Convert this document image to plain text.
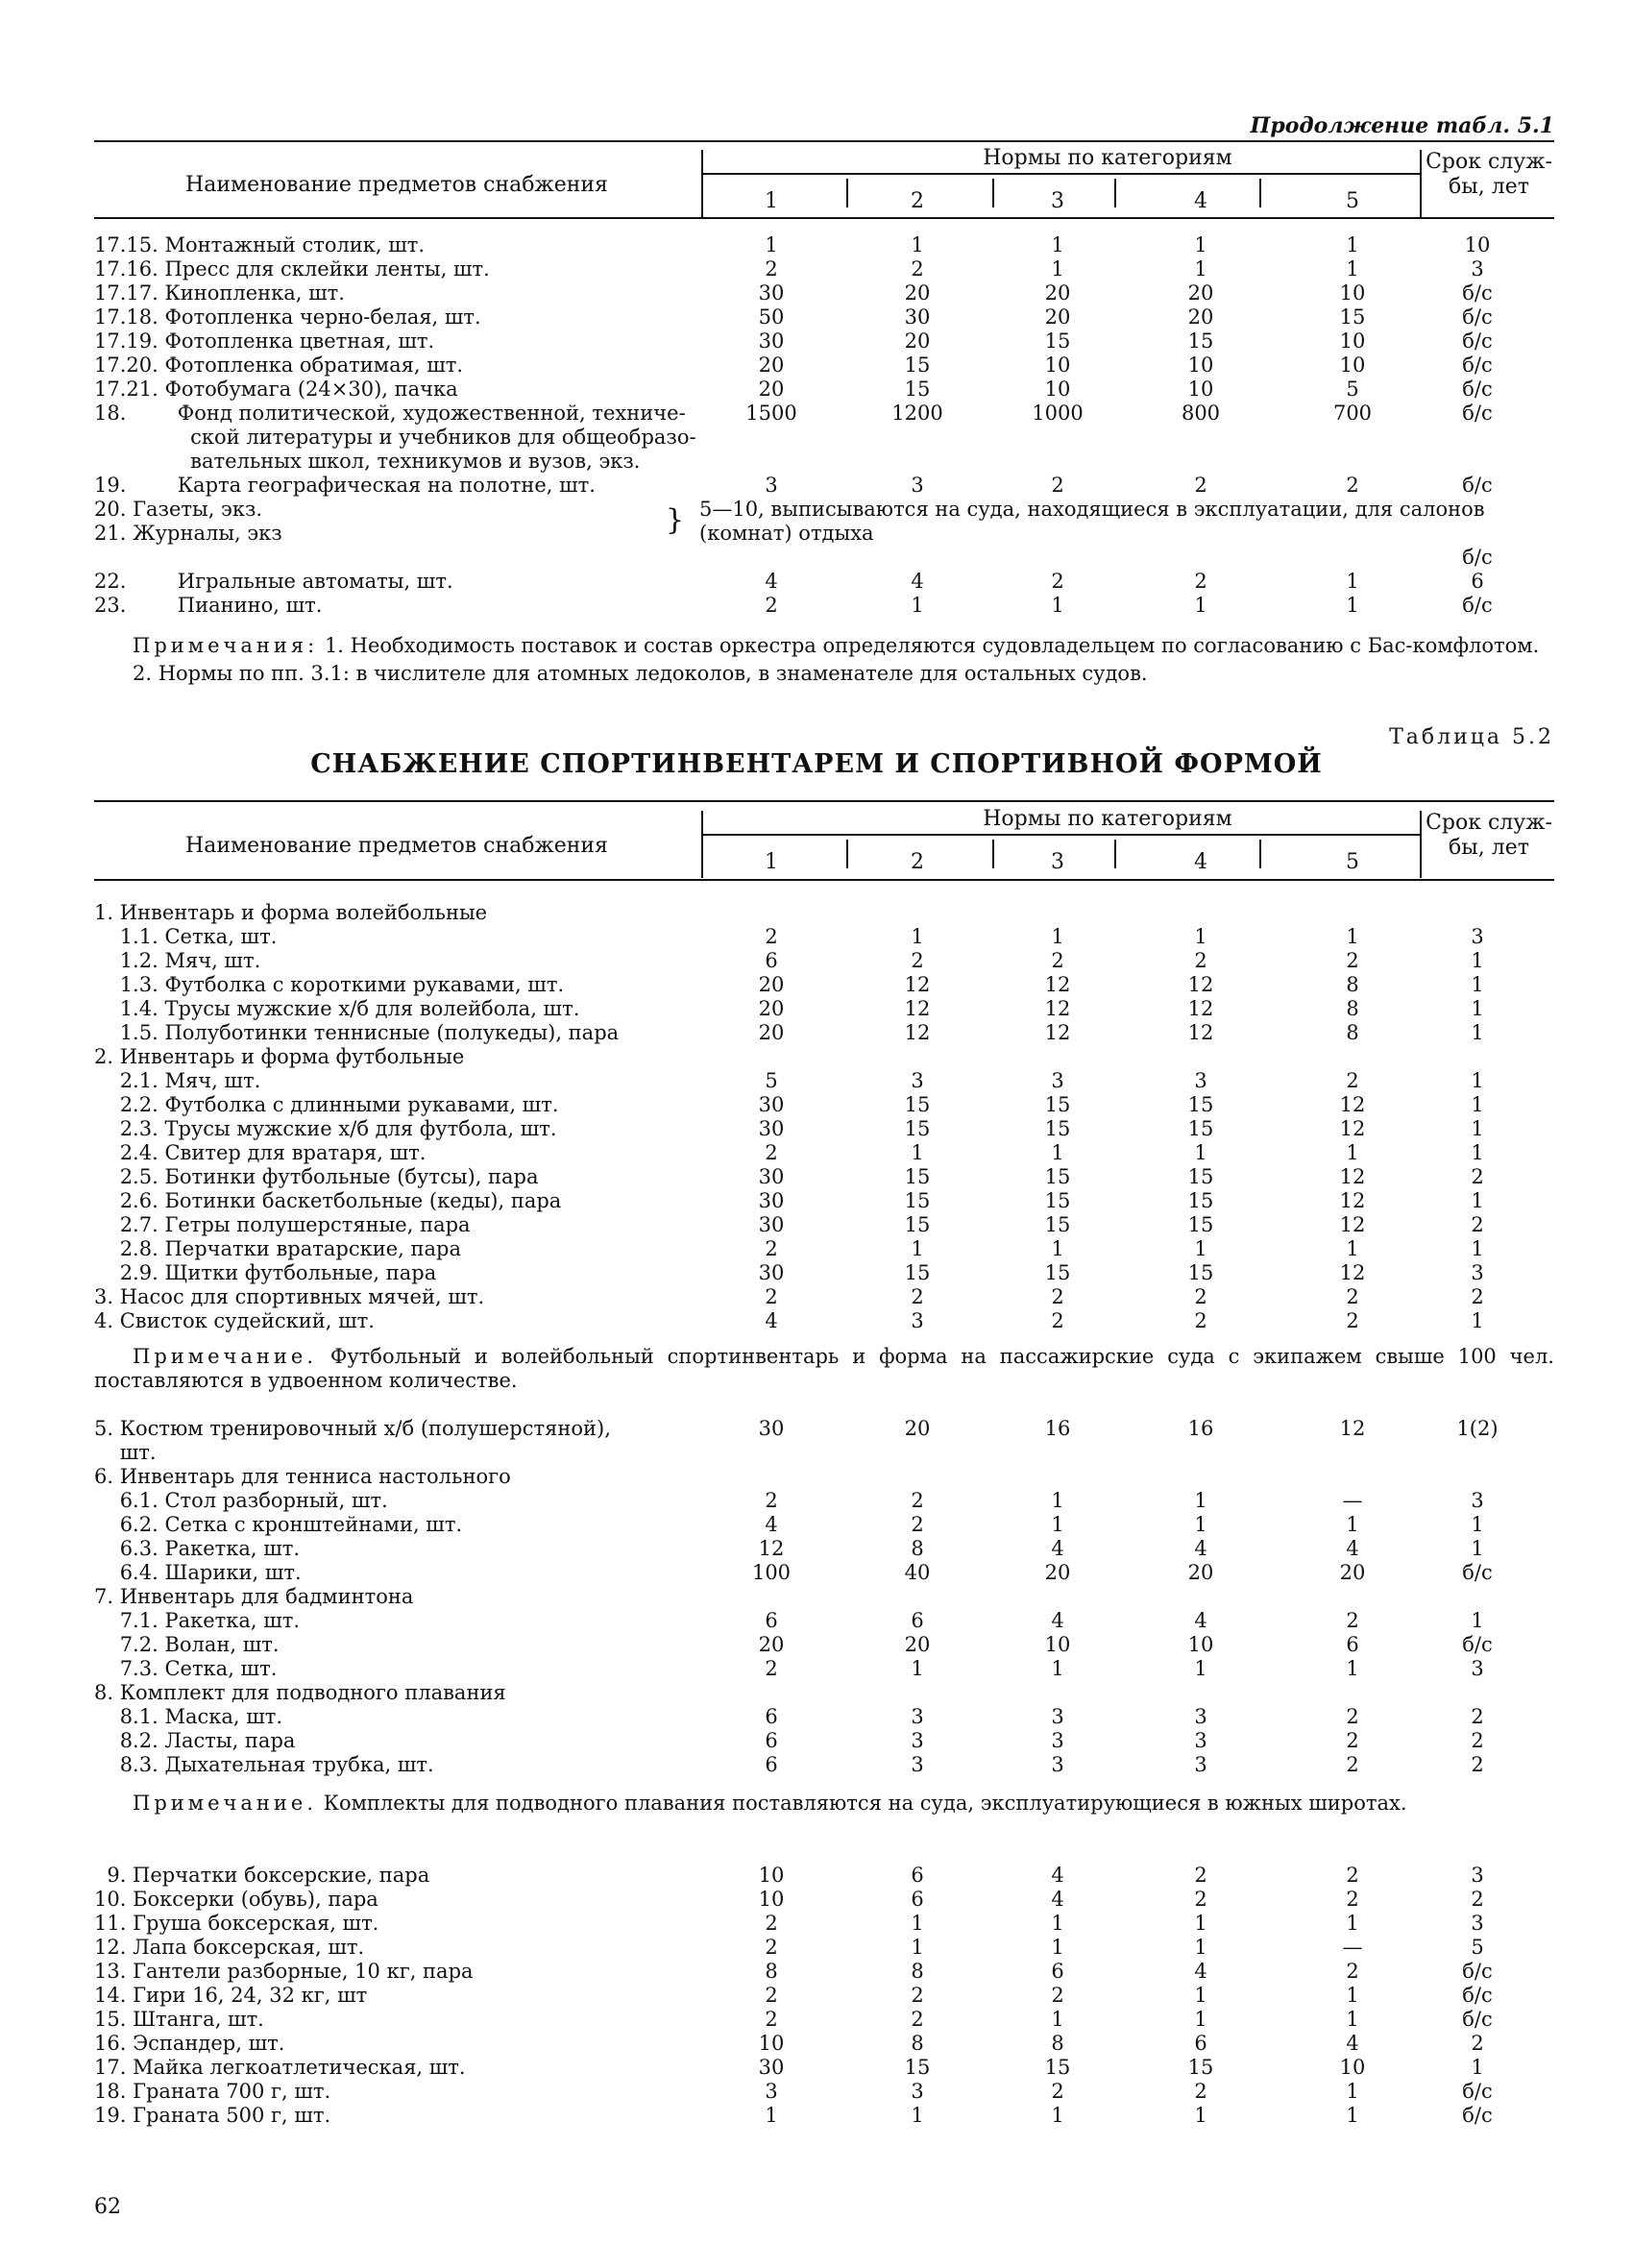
Продолжение табл. 5.1
Наименование предметов снабжения
Нормы по категориям	Срок служ-
бы, лет
1	2	3	4	5
17.15. Монтажный столик, шт.	1	1	1	1	1	10
17.16. Пресс для склейки ленты, шт.	2	2	1	1	1	3
17.17. Кинопленка, шт.	30	20	20	20	10	б/с
17.18. Фотопленка черно-белая, шт.	50	30	20	20	15	б/с
17.19. Фотопленка цветная, шт.	30	20	15	15	10	б/с
17.20. Фотопленка обратимая, шт.	20	15	10	10	10	б/с
17.21. Фотобумага (24×30), пачка	20	15	10	10	5	б/с
18.        Фонд политической, художественной, техниче-	1500	1200	1000	800	700	б/с
ской литературы и учебников для общеобразо-
вательных школ, техникумов и вузов, экз.
19.        Карта географическая на полотне, шт.	3	3	2	2	2	б/с
20. Газеты, экз.
21. Журналы, экз	} 5—10, выписываются на суда, находящиеся в эксплуатации, для салонов
(комнат) отдыха
б/с
22.        Игральные автоматы, шт.	4	4	2	2	1	6
23.        Пианино, шт.	2	1	1	1	1	б/с
Примечания: 1. Необходимость поставок и состав оркестра определяются судовладельцем по согласованию с Бас-комфлотом.
2. Нормы по пп. 3.1: в числителе для атомных ледоколов, в знаменателе для остальных судов.
Таблица 5.2
СНАБЖЕНИЕ СПОРТИНВЕНТАРЕМ И СПОРТИВНОЙ ФОРМОЙ
Наименование предметов снабжения
Нормы по категориям	Срок служ-
бы, лет
1	2	3	4	5
1. Инвентарь и форма волейбольные
1.1. Сетка, шт.	2	1	1	1	1	3
1.2. Мяч, шт.	6	2	2	2	2	1
1.3. Футболка с короткими рукавами, шт.	20	12	12	12	8	1
1.4. Трусы мужские х/б для волейбола, шт.	20	12	12	12	8	1
1.5. Полуботинки теннисные (полукеды), пара	20	12	12	12	8	1
2. Инвентарь и форма футбольные
2.1. Мяч, шт.	5	3	3	3	2	1
2.2. Футболка с длинными рукавами, шт.	30	15	15	15	12	1
2.3. Трусы мужские х/б для футбола, шт.	30	15	15	15	12	1
2.4. Свитер для вратаря, шт.	2	1	1	1	1	1
2.5. Ботинки футбольные (бутсы), пара	30	15	15	15	12	2
2.6. Ботинки баскетбольные (кеды), пара	30	15	15	15	12	1
2.7. Гетры полушерстяные, пара	30	15	15	15	12	2
2.8. Перчатки вратарские, пара	2	1	1	1	1	1
2.9. Щитки футбольные, пара	30	15	15	15	12	3
3. Насос для спортивных мячей, шт.	2	2	2	2	2	2
4. Свисток судейский, шт.	4	3	2	2	2	1
Примечание. Футбольный и волейбольный спортинвентарь и форма на пассажирские суда с экипажем свыше 100 чел. поставляются в удвоенном количестве.
5. Костюм тренировочный х/б (полушерстяной),	30	20	16	16	12	1(2)
шт.
6. Инвентарь для тенниса настольного
6.1. Стол разборный, шт.	2	2	1	1	—	3
6.2. Сетка с кронштейнами, шт.	4	2	1	1	1	1
6.3. Ракетка, шт.	12	8	4	4	4	1
6.4. Шарики, шт.	100	40	20	20	20	б/с
7. Инвентарь для бадминтона
7.1. Ракетка, шт.	6	6	4	4	2	1
7.2. Волан, шт.	20	20	10	10	6	б/с
7.3. Сетка, шт.	2	1	1	1	1	3
8. Комплект для подводного плавания
8.1. Маска, шт.	6	3	3	3	2	2
8.2. Ласты, пара	6	3	3	3	2	2
8.3. Дыхательная трубка, шт.	6	3	3	3	2	2
Примечание. Комплекты для подводного плавания поставляются на суда, эксплуатирующиеся в южных широтах.
9. Перчатки боксерские, пара	10	6	4	2	2	3
10. Боксерки (обувь), пара	10	6	4	2	2	2
11. Груша боксерская, шт.	2	1	1	1	1	3
12. Лапа боксерская, шт.	2	1	1	1	—	5
13. Гантели разборные, 10 кг, пара	8	8	6	4	2	б/с
14. Гири 16, 24, 32 кг, шт	2	2	2	1	1	б/с
15. Штанга, шт.	2	2	1	1	1	б/с
16. Эспандер, шт.	10	8	8	6	4	2
17. Майка легкоатлетическая, шт.	30	15	15	15	10	1
18. Граната 700 г, шт.	3	3	2	2	1	б/с
19. Граната 500 г, шт.	1	1	1	1	1	б/с
62
